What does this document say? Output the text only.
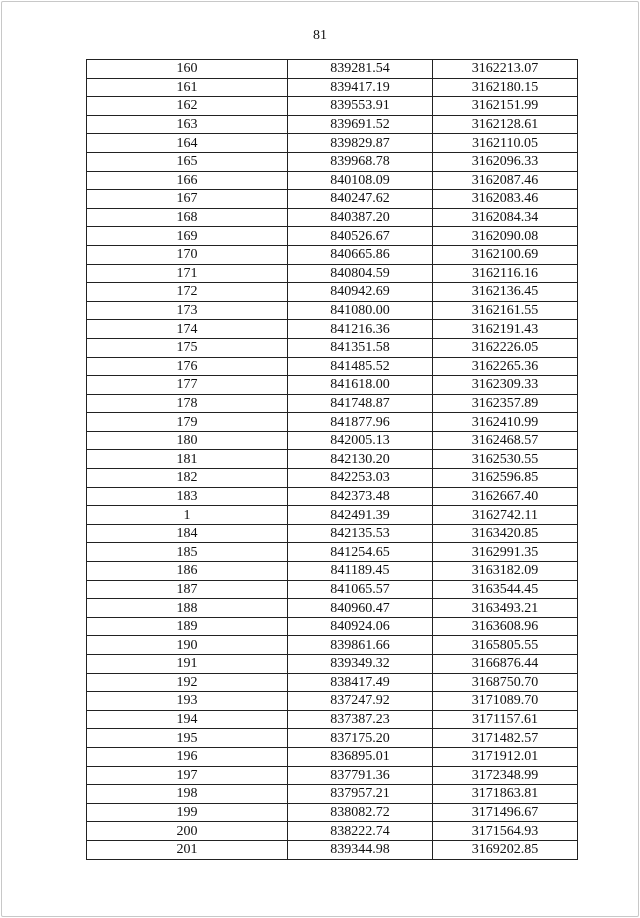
81
160	839281.54	3162213.07
161	839417.19	3162180.15
162	839553.91	3162151.99
163	839691.52	3162128.61
164	839829.87	3162110.05
165	839968.78	3162096.33
166	840108.09	3162087.46
167	840247.62	3162083.46
168	840387.20	3162084.34
169	840526.67	3162090.08
170	840665.86	3162100.69
171	840804.59	3162116.16
172	840942.69	3162136.45
173	841080.00	3162161.55
174	841216.36	3162191.43
175	841351.58	3162226.05
176	841485.52	3162265.36
177	841618.00	3162309.33
178	841748.87	3162357.89
179	841877.96	3162410.99
180	842005.13	3162468.57
181	842130.20	3162530.55
182	842253.03	3162596.85
183	842373.48	3162667.40
1	842491.39	3162742.11
184	842135.53	3163420.85
185	841254.65	3162991.35
186	841189.45	3163182.09
187	841065.57	3163544.45
188	840960.47	3163493.21
189	840924.06	3163608.96
190	839861.66	3165805.55
191	839349.32	3166876.44
192	838417.49	3168750.70
193	837247.92	3171089.70
194	837387.23	3171157.61
195	837175.20	3171482.57
196	836895.01	3171912.01
197	837791.36	3172348.99
198	837957.21	3171863.81
199	838082.72	3171496.67
200	838222.74	3171564.93
201	839344.98	3169202.85
